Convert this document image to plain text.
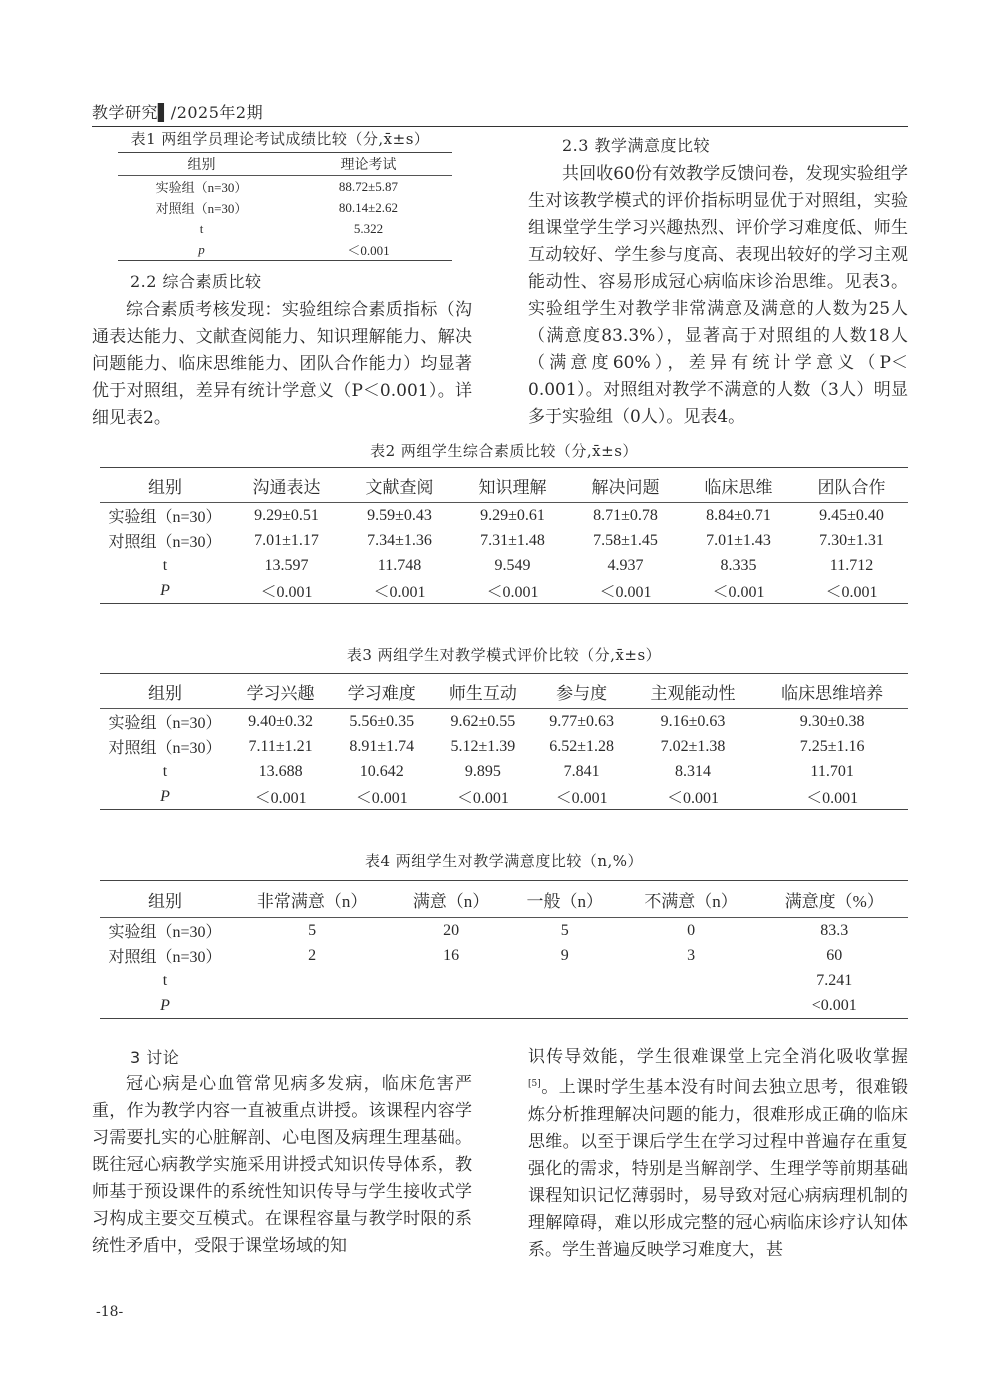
教学研究▌/2025年2期
表1 两组学员理论考试成绩比较（分,x̄±s）
组别	理论考试
实验组（n=30）	88.72±5.87
对照组（n=30）	80.14±2.62
t	5.322
p	＜0.001

2.2 综合素质比较

综合素质考核发现：实验组综合素质指标（沟通表达能力、文献查阅能力、知识理解能力、解决问题能力、临床思维能力、团队合作能力）均显著优于对照组，差异有统计学意义（P＜0.001）。详细见表2。

2.3 教学满意度比较

共回收60份有效教学反馈问卷，发现实验组学生对该教学模式的评价指标明显优于对照组，实验组课堂学生学习兴趣热烈、评价学习难度低、师生互动较好、学生参与度高、表现出较好的学习主观能动性、容易形成冠心病临床诊治思维。见表3。实验组学生对教学非常满意及满意的人数为25人（满意度83.3%），显著高于对照组的人数18人（满意度60%），差异有统计学意义（P＜0.001）。对照组对教学不满意的人数（3人）明显多于实验组（0人）。见表4。

表2 两组学生综合素质比较（分,x̄±s）
组别	沟通表达	文献查阅	知识理解	解决问题	临床思维	团队合作
实验组（n=30）	9.29±0.51	9.59±0.43	9.29±0.61	8.71±0.78	8.84±0.71	9.45±0.40
对照组（n=30）	7.01±1.17	7.34±1.36	7.31±1.48	7.58±1.45	7.01±1.43	7.30±1.31
t	13.597	11.748	9.549	4.937	8.335	11.712
P	＜0.001	＜0.001	＜0.001	＜0.001	＜0.001	＜0.001
表3 两组学生对教学模式评价比较（分,x̄±s）
组别	学习兴趣	学习难度	师生互动	参与度	主观能动性	临床思维培养
实验组（n=30）	9.40±0.32	5.56±0.35	9.62±0.55	9.77±0.63	9.16±0.63	9.30±0.38
对照组（n=30）	7.11±1.21	8.91±1.74	5.12±1.39	6.52±1.28	7.02±1.38	7.25±1.16
t	13.688	10.642	9.895	7.841	8.314	11.701
P	＜0.001	＜0.001	＜0.001	＜0.001	＜0.001	＜0.001
表4 两组学生对教学满意度比较（n,%）
组别	非常满意（n）	满意（n）	一般（n）	不满意（n）	满意度（%）
实验组（n=30）	5	20	5	0	83.3
对照组（n=30）	2	16	9	3	60
t					7.241
P					<0.001

3 讨论

冠心病是心血管常见病多发病，临床危害严重，作为教学内容一直被重点讲授。该课程内容学习需要扎实的心脏解剖、心电图及病理生理基础。既往冠心病教学实施采用讲授式知识传导体系，教师基于预设课件的系统性知识传导与学生接收式学习构成主要交互模式。在课程容量与教学时限的系统性矛盾中，受限于课堂场域的知

识传导效能，学生很难课堂上完全消化吸收掌握[5]。上课时学生基本没有时间去独立思考，很难锻炼分析推理解决问题的能力，很难形成正确的临床思维。以至于课后学生在学习过程中普遍存在重复强化的需求，特别是当解剖学、生理学等前期基础课程知识记忆薄弱时，易导致对冠心病病理机制的理解障碍，难以形成完整的冠心病临床诊疗认知体系。学生普遍反映学习难度大，甚

-18-
